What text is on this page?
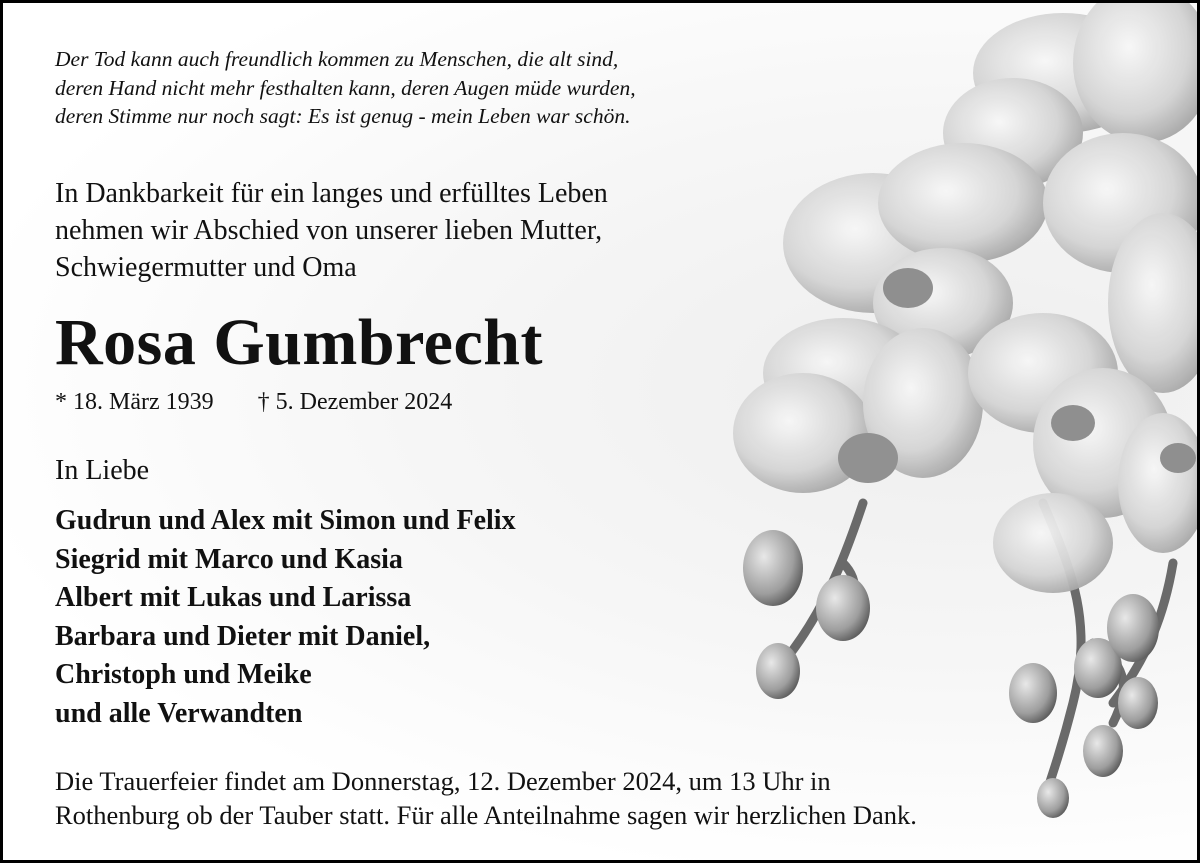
Der Tod kann auch freundlich kommen zu Menschen, die alt sind,
deren Hand nicht mehr festhalten kann, deren Augen müde wurden,
deren Stimme nur noch sagt: Es ist genug - mein Leben war schön.
In Dankbarkeit für ein langes und erfülltes Leben
nehmen wir Abschied von unserer lieben Mutter,
Schwiegermutter und Oma
Rosa Gumbrecht
* 18. März 1939 † 5. Dezember 2024
In Liebe
Gudrun und Alex mit Simon und Felix
Siegrid mit Marco und Kasia
Albert mit Lukas und Larissa
Barbara und Dieter mit Daniel,
Christoph und Meike
und alle Verwandten
Die Trauerfeier findet am Donnerstag, 12. Dezember 2024, um 13 Uhr in
Rothenburg ob der Tauber statt. Für alle Anteilnahme sagen wir herzlichen Dank.
